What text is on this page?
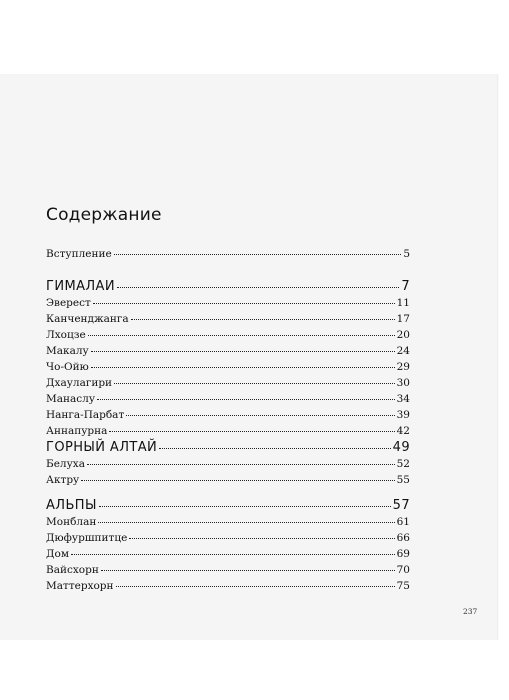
Содержание
Вступление	5
ГИМАЛАИ	7
Эверест	11
Канченджанга	17
Лхоцзе	20
Макалу	24
Чо-Ойю	29
Дхаулагири	30
Манаслу	34
Нанга-Парбат	39
Аннапурна	42
ГОРНЫЙ АЛТАЙ	49
Белуха	52
Актру	55
АЛЬПЫ	57
Монблан	61
Дюфуршпитце	66
Дом	69
Вайсхорн	70
Маттерхорн	75
237
